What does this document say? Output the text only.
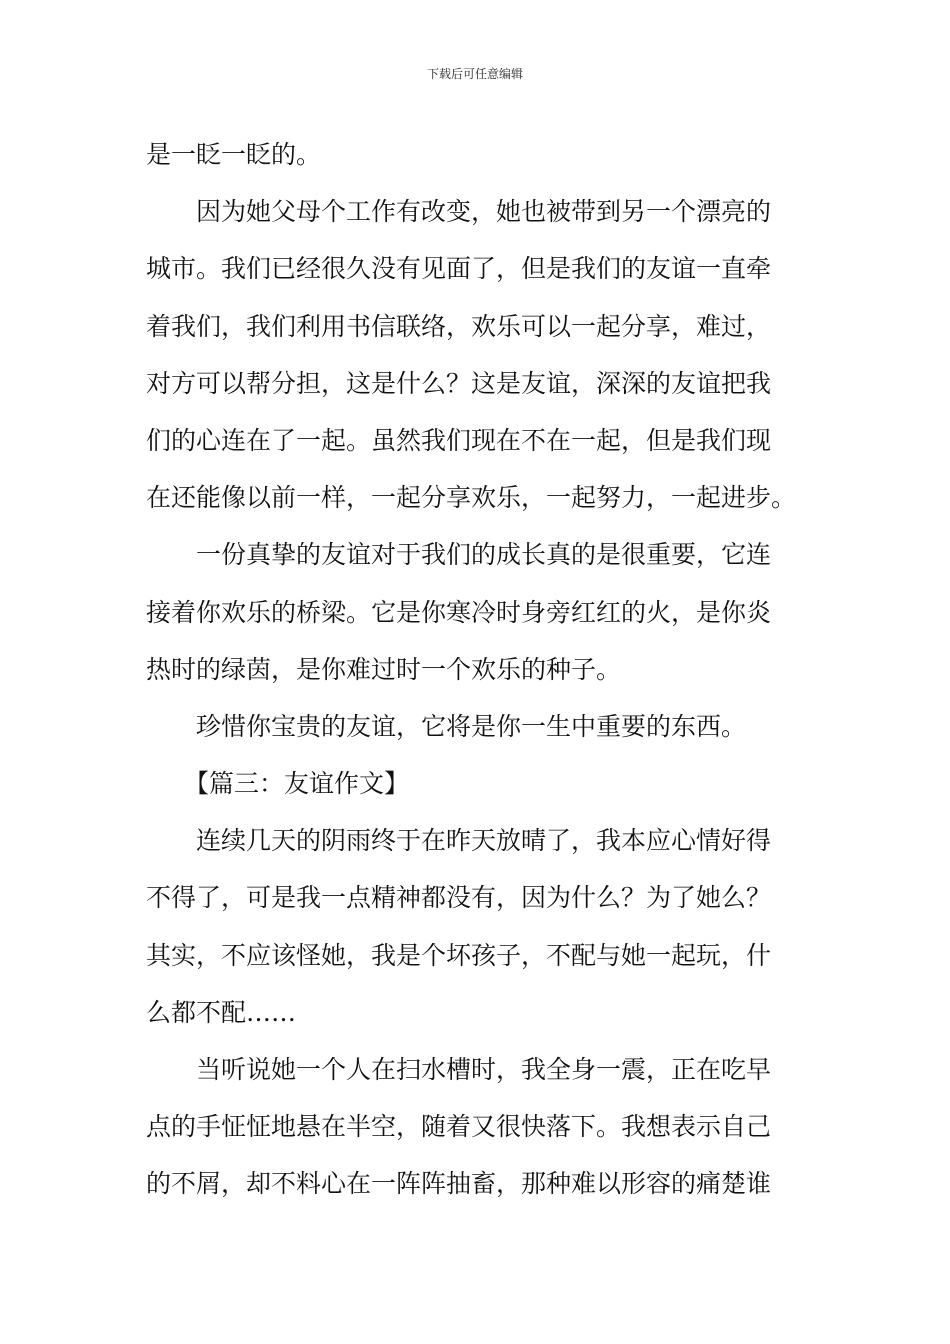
下载后可任意编辑
是一眨一眨的。
因为她父母个工作有改变，她也被带到另一个漂亮的
城市。我们已经很久没有见面了，但是我们的友谊一直牵
着我们，我们利用书信联络，欢乐可以一起分享，难过，
对方可以帮分担，这是什么？这是友谊，深深的友谊把我
们的心连在了一起。虽然我们现在不在一起，但是我们现
在还能像以前一样，一起分享欢乐，一起努力，一起进步。
一份真挚的友谊对于我们的成长真的是很重要，它连
接着你欢乐的桥梁。它是你寒冷时身旁红红的火，是你炎
热时的绿茵，是你难过时一个欢乐的种子。
珍惜你宝贵的友谊，它将是你一生中重要的东西。
【篇三：友谊作文】
连续几天的阴雨终于在昨天放晴了，我本应心情好得
不得了，可是我一点精神都没有，因为什么？为了她么？
其实，不应该怪她，我是个坏孩子，不配与她一起玩，什
么都不配……
当听说她一个人在扫水槽时，我全身一震，正在吃早
点的手怔怔地悬在半空，随着又很快落下。我想表示自己
的不屑，却不料心在一阵阵抽畜，那种难以形容的痛楚谁
